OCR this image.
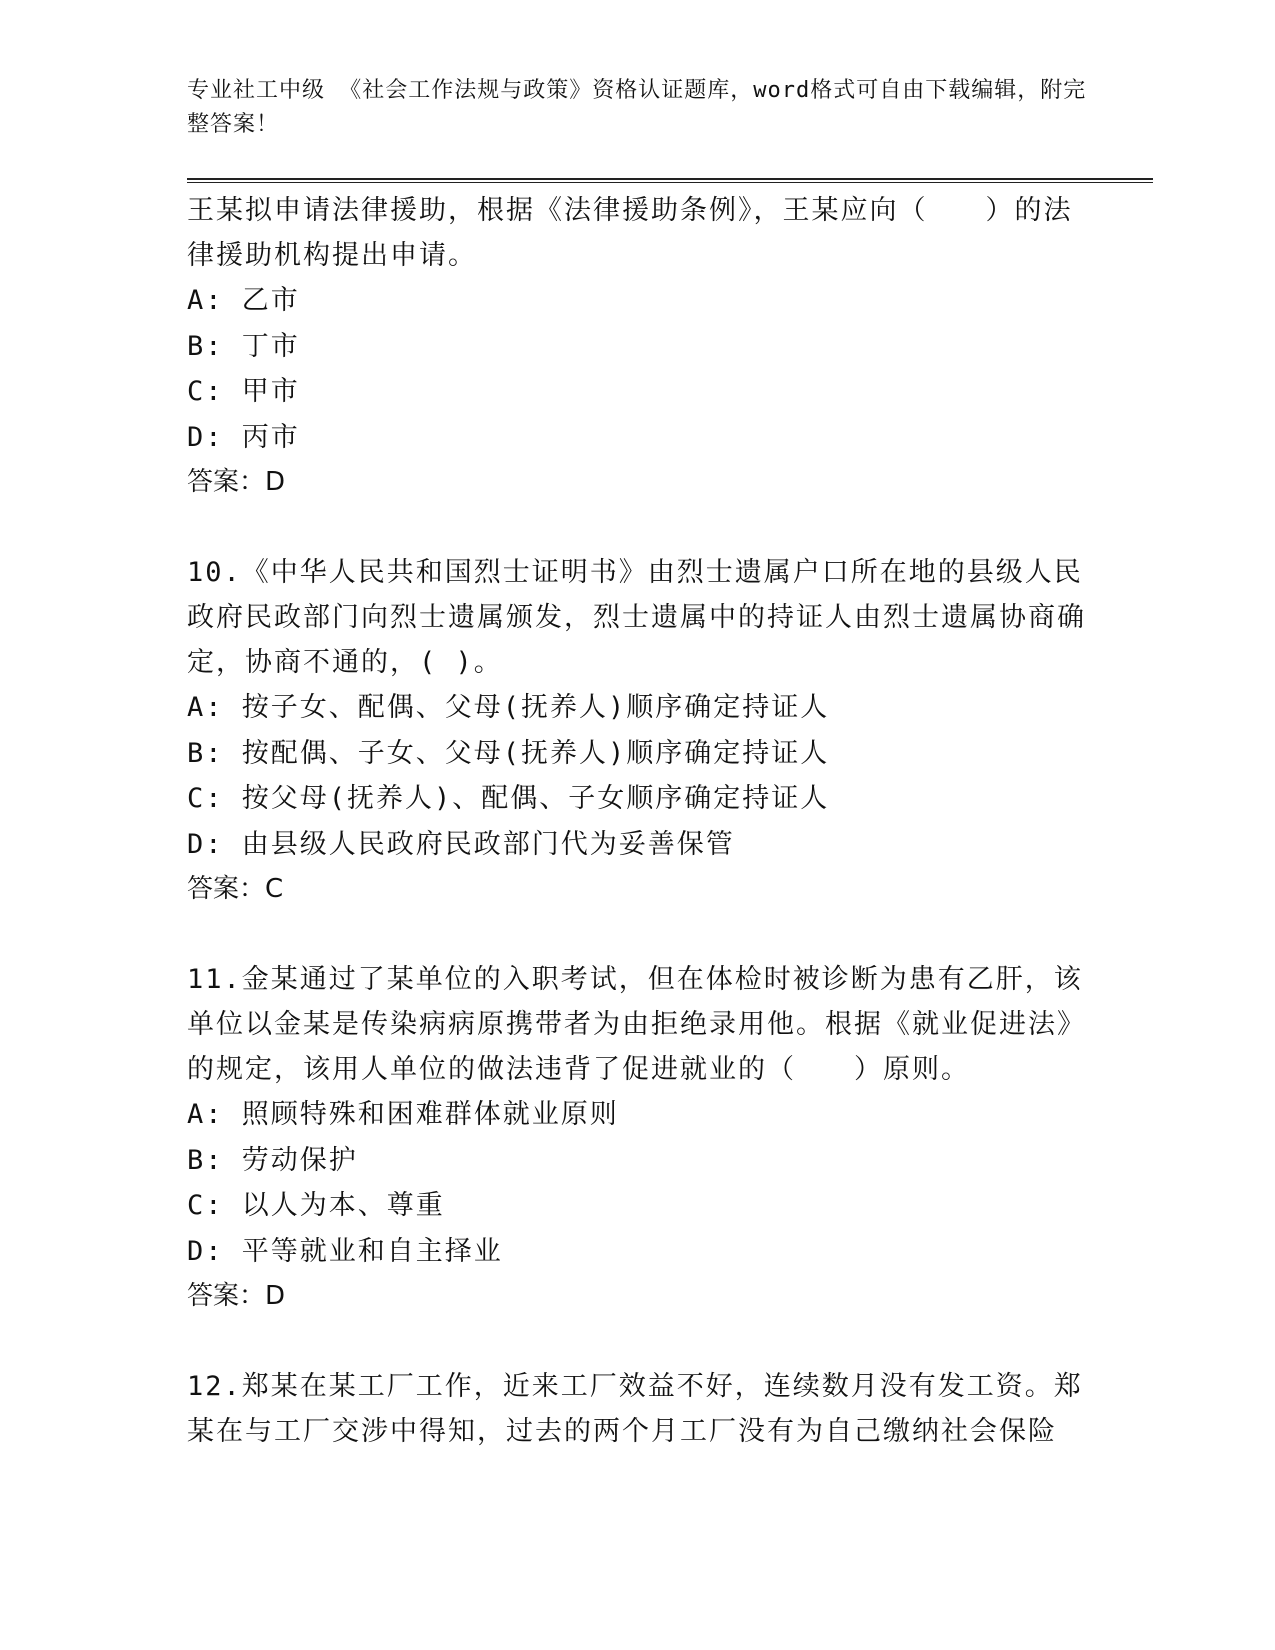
专业社工中级 《社会工作法规与政策》资格认证题库，word格式可自由下载编辑，附完整答案！

王某拟申请法律援助，根据《法律援助条例》，王某应向（　　）的法律援助机构提出申请。

A: 乙市

B: 丁市

C: 甲市

D: 丙市

答案：D

10.《中华人民共和国烈士证明书》由烈士遗属户口所在地的县级人民政府民政部门向烈士遗属颁发，烈士遗属中的持证人由烈士遗属协商确定，协商不通的，( )。

A: 按子女、配偶、父母(抚养人)顺序确定持证人

B: 按配偶、子女、父母(抚养人)顺序确定持证人

C: 按父母(抚养人)、配偶、子女顺序确定持证人

D: 由县级人民政府民政部门代为妥善保管

答案：C

11.金某通过了某单位的入职考试，但在体检时被诊断为患有乙肝，该单位以金某是传染病病原携带者为由拒绝录用他。根据《就业促进法》的规定，该用人单位的做法违背了促进就业的（　　）原则。

A: 照顾特殊和困难群体就业原则

B: 劳动保护

C: 以人为本、尊重

D: 平等就业和自主择业

答案：D

12.郑某在某工厂工作，近来工厂效益不好，连续数月没有发工资。郑某在与工厂交涉中得知，过去的两个月工厂没有为自己缴纳社会保险
